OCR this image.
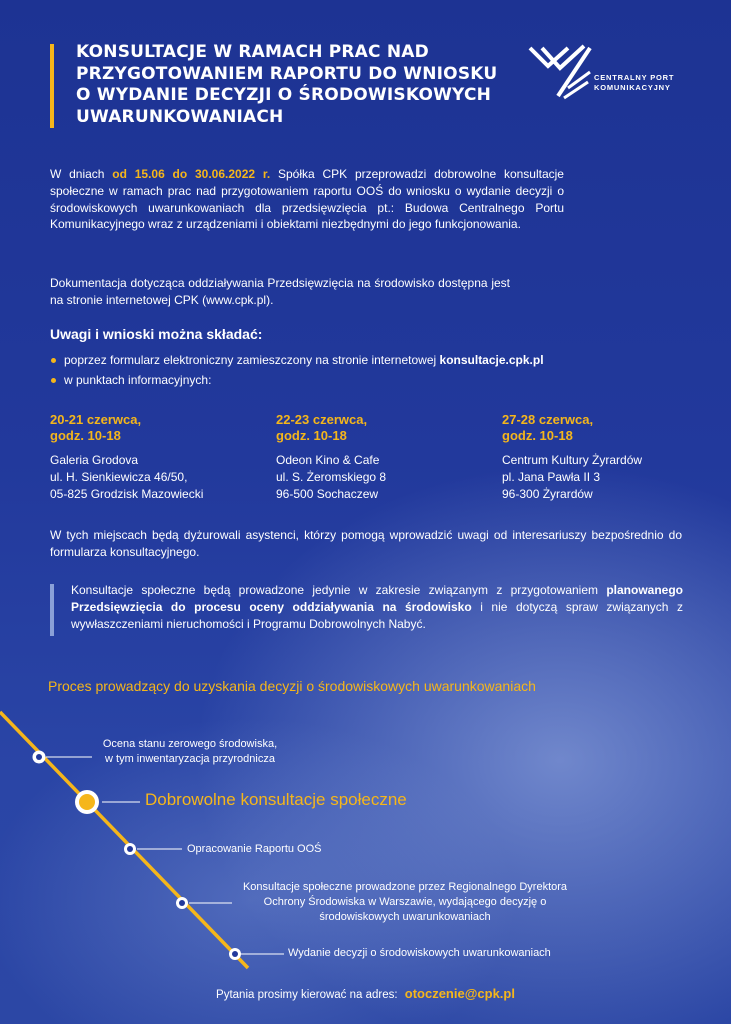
KONSULTACJE W RAMACH PRAC NAD
PRZYGOTOWANIEM RAPORTU DO WNIOSKU
O WYDANIE DECYZJI O ŚRODOWISKOWYCH
UWARUNKOWANIACH
CENTRALNY PORT
KOMUNIKACYJNY

W dniach od 15.06 do 30.06.2022 r. Spółka CPK przeprowadzi dobrowolne konsultacje społeczne w ramach prac nad przygotowaniem raportu OOŚ do wniosku o wydanie decyzji o środowiskowych uwarunkowaniach dla przedsięwzięcia pt.: Budowa Centralnego Portu Komunikacyjnego wraz z urządzeniami i obiektami niezbędnymi do jego funkcjonowania.

Dokumentacja dotycząca oddziaływania Przedsięwzięcia na środowisko dostępna jest na stronie internetowej CPK (www.cpk.pl).

Uwagi i wnioski można składać:
poprzez formularz elektroniczny zamieszczony na stronie internetowej konsultacje.cpk.pl
w punktach informacyjnych:
20-21 czerwca,
godz. 10-18
Galeria Grodova
ul. H. Sienkiewicza 46/50,
05-825 Grodzisk Mazowiecki
22-23 czerwca,
godz. 10-18
Odeon Kino & Cafe
ul. S. Żeromskiego 8
96-500 Sochaczew
27-28 czerwca,
godz. 10-18
Centrum Kultury Żyrardów
pl. Jana Pawła II 3
96-300 Żyrardów

W tych miejscach będą dyżurowali asystenci, którzy pomogą wprowadzić uwagi od interesariuszy bezpośrednio do formularza konsultacyjnego.

Konsultacje społeczne będą prowadzone jedynie w zakresie związanym z przygotowaniem planowanego Przedsięwzięcia do procesu oceny oddziaływania na środowisko i nie dotyczą spraw związanych z wywłaszczeniami nieruchomości i Programu Dobrowolnych Nabyć.

Proces prowadzący do uzyskania decyzji o środowiskowych uwarunkowaniach
Ocena stanu zerowego środowiska,
w tym inwentaryzacja przyrodnicza
Dobrowolne konsultacje społeczne
Opracowanie Raportu OOŚ
Konsultacje społeczne prowadzone przez Regionalnego Dyrektora
Ochrony Środowiska w Warszawie, wydającego decyzję o
środowiskowych uwarunkowaniach
Wydanie decyzji o środowiskowych uwarunkowaniach
Pytania prosimy kierować na adres: otoczenie@cpk.pl
